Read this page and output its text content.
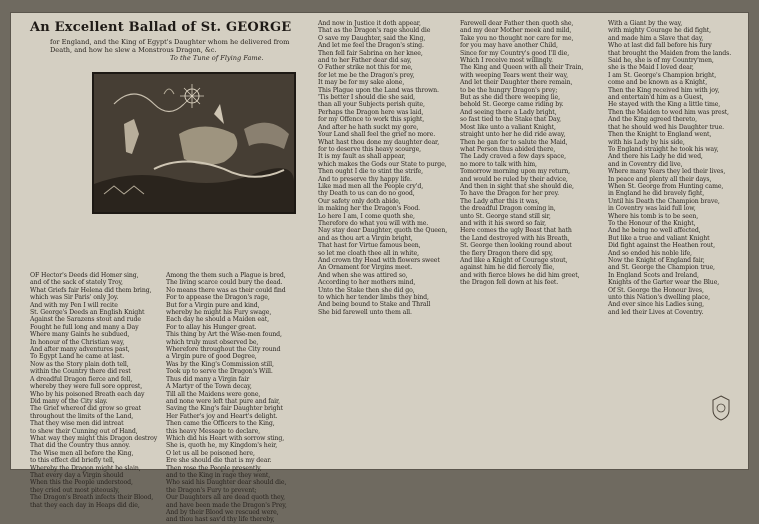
An Excellent Ballad of St. GEORGE
for England, and the King of Egypt's Daughter whom he delivered from Death, and how he slew a Monstrous Dragon, &c.
To the Tune of Flying Fame.

OF Hector's Deeds did Homer sing,

and of the sack of stately Troy,

What Griefs fair Helena did them bring,

which was Sir Paris' only Joy.

And with my Pen I will recite

St. George's Deeds an English Knight

Against the Sarazens stout and rude

Fought he full long and many a Day

Where many Gaints he subdued,

In honour of the Christian way,

And after many adventures past,

To Egypt Land he came at last.

Now as the Story plain doth tell,

within the Country there did rest

A dreadful Dragon fierce and fell,

whereby they were full sore opprest,

Who by his poisoned Breath each day

Did many of the City slay.

The Grief whereof did grow so great

throughout the limits of the Land,

That they wise men did intreat

to shew their Cunning out of Hand,

What way they might this Dragon destroy

That did the Country thus annoy.

The Wise men all before the King,

to this effect did briefly tell,

Whereby the Dragon might be slain,

That every day a Virgin should

When this the People understood,

they cried out most piteously,

The Dragon's Breath infects their Blood,

that they each day in Heaps did die,

Among the them such a Plague is bred,

The living scarce could bury the dead.

No means there was as their could find

For to appease the Dragon's rage,

But for a Virgin pure and kind,

whereby he might his Fury swage,

Each day he should a Maiden eat,

For to allay his Hunger great.

This thing by Art the Wise-men found,

which truly must observed be,

Wherefore throughout the City round

a Virgin pure of good Degree,

Was by the King's Commission still,

Took up to serve the Dragon's Will.

Thus did many a Virgin fair

A Martyr of the Town decay,

Till all the Maidens were gone,

and none were left that pure and fair,

Saving the King's fair Daughter bright

Her Father's joy and Heart's delight.

Then came the Officers to the King,

this heavy Message to declare,

Which did his Heart with sorrow sting,

She is, quoth he, my Kingdom's heir,

O let us all be poisoned here,

Ere she should die that is my dear.

Then rose the People presently,

and to the King in rage they went,

Who said his Daughter dear should die,

the Dragon's Fury to prevent;

Our Daughters all are dead quoth they,

and have been made the Dragon's Prey,

And by their Blood we rescued were,

and thou hast sav'd thy life thereby,

And now in Justice it doth appear,

That as the Dragon's rage should die

O save my Daughter, said the King,

And let me feel the Dragon's sting.

Then fell fair Sabrina on her knee,

and to her Father dear did say,

O Father strike not this for me,

for let me be the Dragon's prey,

It may be for my sake alone,

This Plague upon the Land was thrown.

'Tis better I should die she said,

than all your Subjects perish quite,

Perhaps the Dragon here was laid,

for my Offence to work this spight,

And after he hath suckt my gore,

Your Land shall feel the grief no more.

What hast thou done my daughter dear,

for to deserve this heavy scourge,

It is my fault as shall appear,

which makes the Gods our State to purge,

Then ought I die to stint the strife,

And to preserve thy happy life.

Like mad men all the People cry'd,

thy Death to us can do no good,

Our safety only doth abide,

in making her the Dragon's Food.

Lo here I am, I come quoth she,

Therefore do what you will with me.

Nay stay dear Daughter, quoth the Queen,

and as thou art a Virgin bright,

That hast for Virtue famous been,

so let me cloath thee all in white,

And crown thy Head with flowers sweet

An Ornament for Virgins meet.

And when she was attired so,

According to her mothers mind,

Unto the Stake then she did go,

to which her tender limbs they bind,

And being bound to Stake and Thrall

She bid farewell unto them all.

Farewell dear Father then quoth she,

and my dear Mother meek and mild,

Take you no thought nor care for me,

for you may have another Child,

Since for my Country's good I'll die,

Which I receive most willingly.

The King and Queen with all their Train,

with weeping Tears went their way,

And let their Daughter there remain,

to be the hungry Dragon's prey;

But as she did there weeping lie,

behold St. George came riding by.

And seeing there a Lady bright,

so fast tied to the Stake that Day,

Most like unto a valiant Knight,

straight unto her he did ride away,

Then he gan for to salute the Maid,

what Person thus abided there,

The Lady craved a few days space,

no more to talk with him,

Tomorrow morning upon my return,

and would be ruled by their advice,

And then in sight that she should die,

To have the Dragon for her prey.

The Lady after this it was,

the dreadful Dragon coming in,

unto St. George stand still sir,

and with it his sword so fair,

Here comes the ugly Beast that hath

the Land destroyed with his Breath,

St. George then looking round about

the fiery Dragon there did spy,

And like a Knight of Courage stout,

against him he did fiercely flie,

and with fierce blows he did him greet,

the Dragon fell down at his feet.

With a Giant by the way,

with mighty Courage he did fight,

and made him a Slave that day,

Who at last did fall before his fury

that brought the Maiden from the lands.

Said he, she is of my Country'men,

she is the Maid I loved dear,

I am St. George's Champion bright,

come and be known as a Knight,

Then the King received him with joy,

and entertain'd him as a Guest,

He stayed with the King a little time,

Then the Maiden to wed him was prest,

And the King agreed thereto,

that he should wed his Daughter true.

Then the Knight to England went,

with his Lady by his side,

To England straight he took his way,

And there his Lady he did wed,

and in Coventry did live,

Where many Years they led their lives,

In peace and plenty all their days,

When St. George from Hunting came,

in England he did bravely fight,

Until his Death the Champion brave,

in Coventry was laid full low,

Where his tomb is to be seen,

To the Honour of the Knight,

And he being no well affected,

But like a true and valiant Knight

Did fight against the Heathen rout,

And so ended his noble life,

Now the Knight of England fair,

and St. George the Champion true,

In England Scots and Ireland,

Knights of the Garter wear the Blue,

Of St. George the Honour lives,

unto this Nation's dwelling place,

And ever since his Ladies sung,

and led their Lives at Coventry.
